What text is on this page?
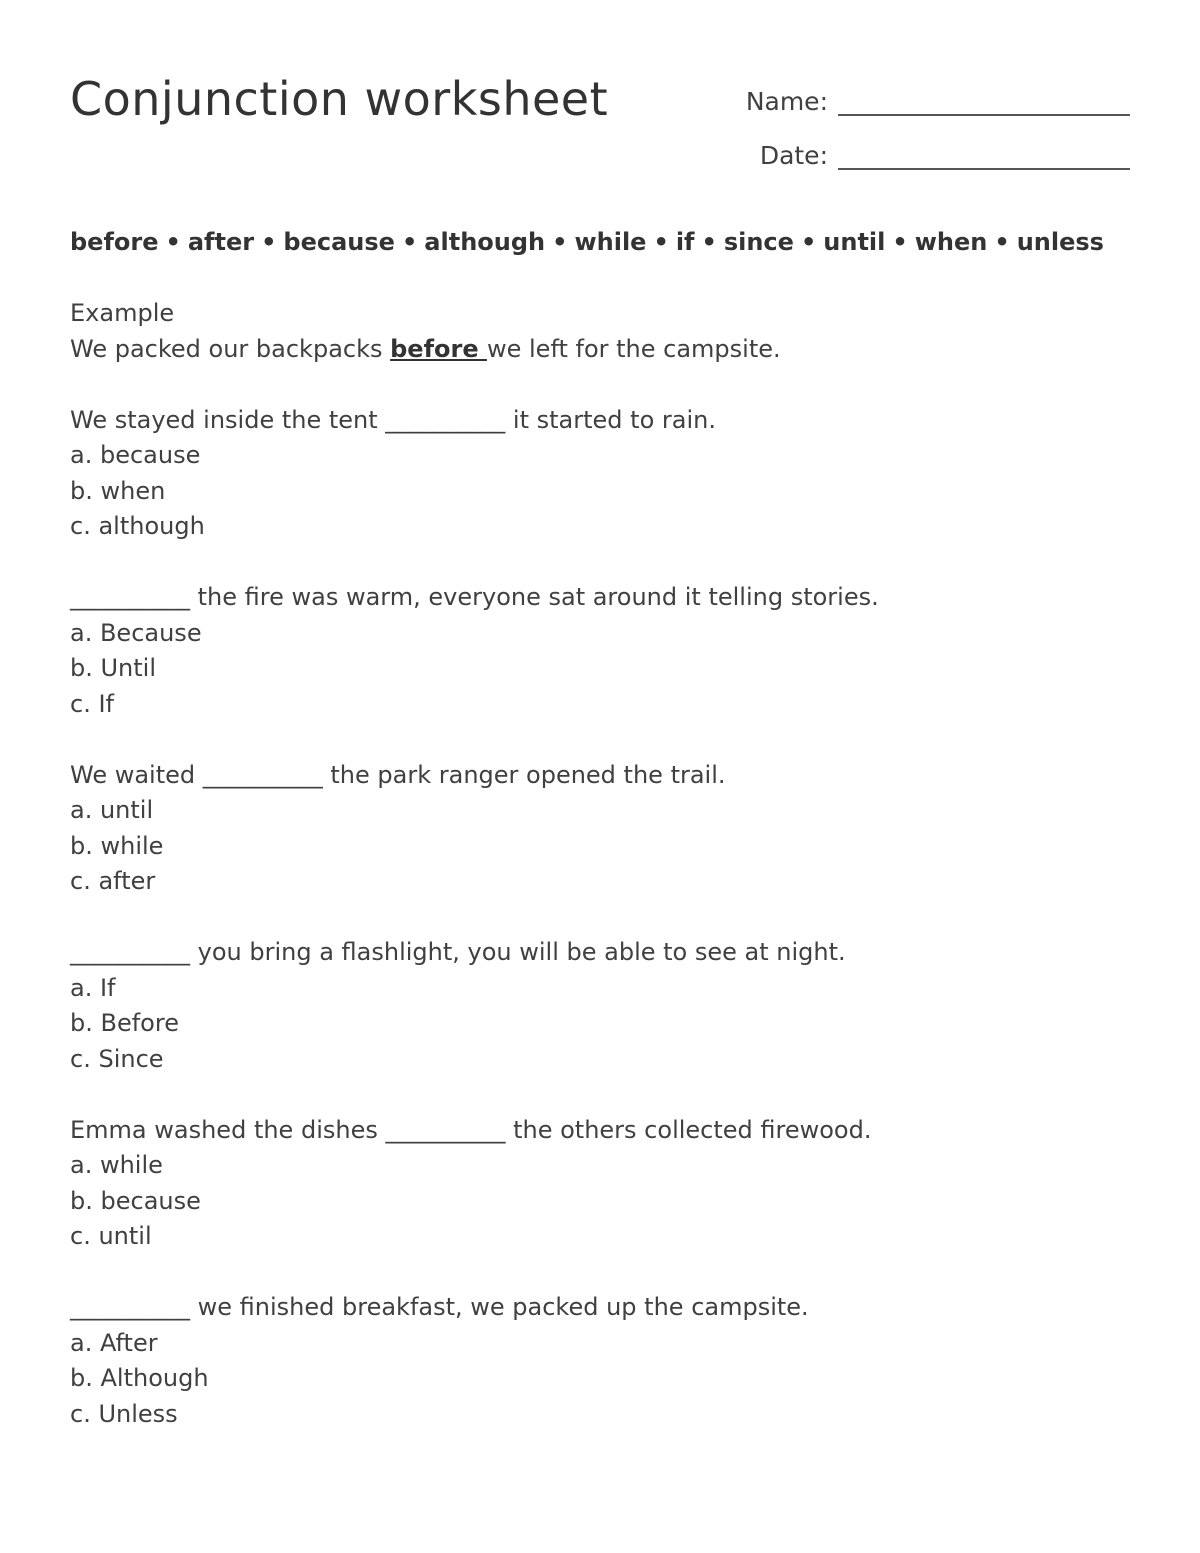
Conjunction worksheet	Name:
Date:
before • after • because • although • while • if • since • until • when • unless
Example
We packed our backpacks before we left for the campsite.
We stayed inside the tent __________ it started to rain.
a. because
b. when
c. although
__________ the fire was warm, everyone sat around it telling stories.
a. Because
b. Until
c. If
We waited __________ the park ranger opened the trail.
a. until
b. while
c. after
__________ you bring a flashlight, you will be able to see at night.
a. If
b. Before
c. Since
Emma washed the dishes __________ the others collected firewood.
a. while
b. because
c. until
__________ we finished breakfast, we packed up the campsite.
a. After
b. Although
c. Unless
